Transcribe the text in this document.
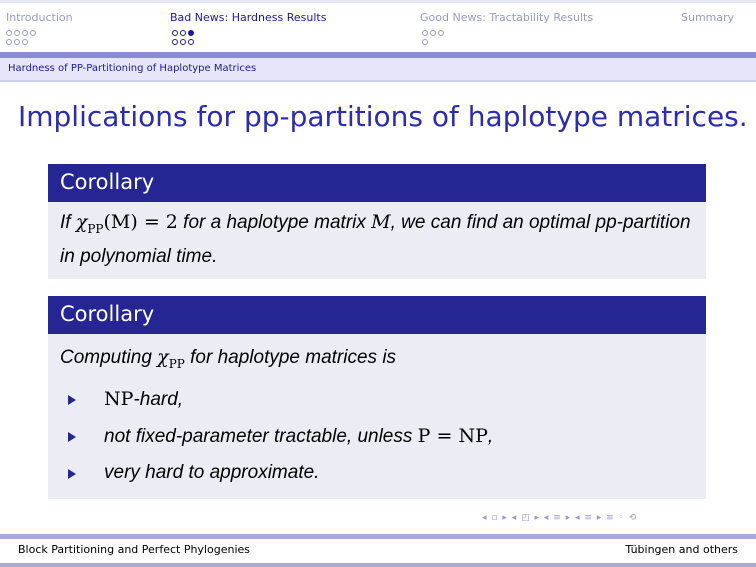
Introduction	Bad News: Hardness Results	Good News: Tractability Results	Summary
Hardness of PP-Partitioning of Haplotype Matrices
Implications for pp-partitions of haplotype matrices.
Corollary
If $\chi_{PP}(M) = 2$ for a haplotype matrix M, we can find an optimal pp-partition in polynomial time.
Corollary
Computing $\chi_{PP}$ for haplotype matrices is
NP-hard,
not fixed-parameter tractable, unless P = NP,
very hard to approximate.
◂ ▫ ▸ ◂ ◰ ▸ ◂ ≡ ▸ ◂ ≡ ▸ ≡ ◦ ⟲
Block Partitioning and Perfect Phylogenies	Tübingen and others
